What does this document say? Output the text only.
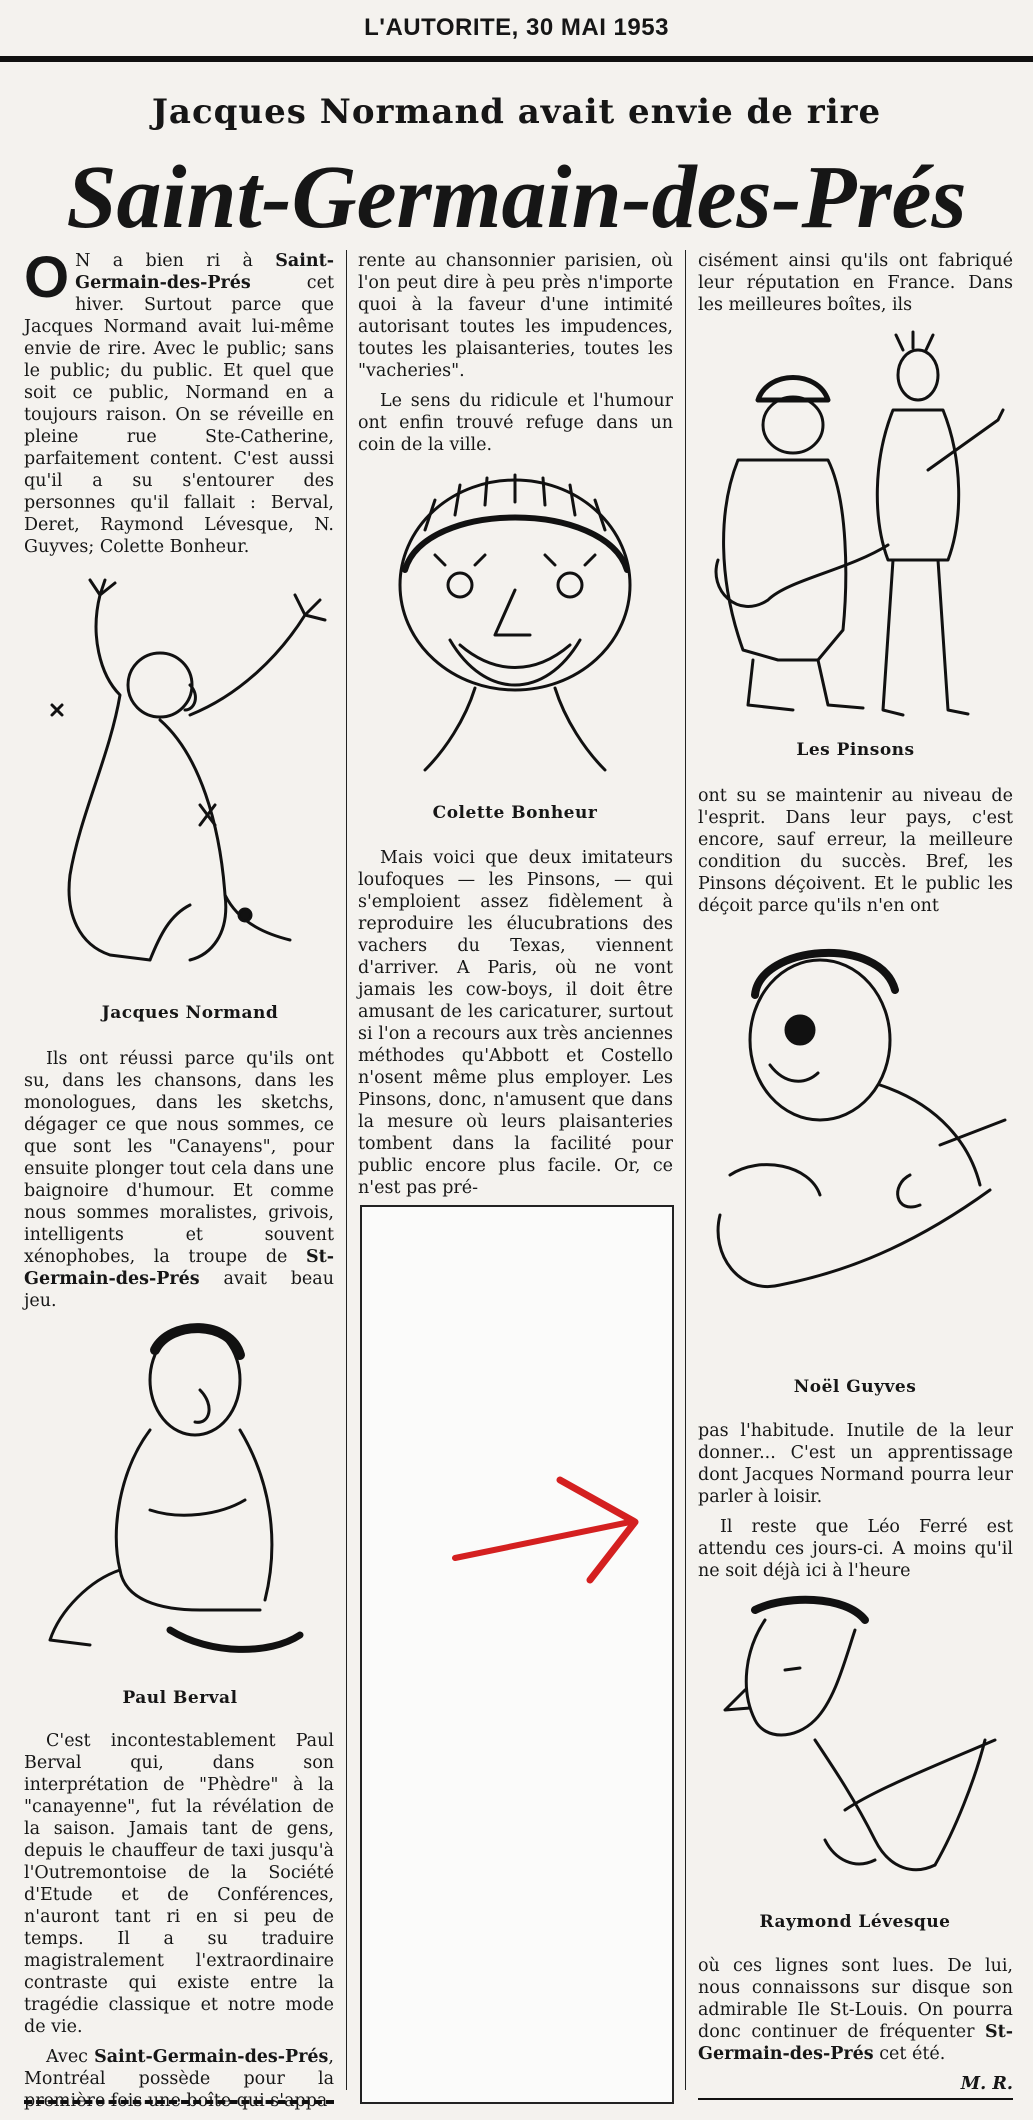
L'AUTORITE, 30 MAI 1953
Jacques Normand avait envie de rire
Saint-Germain-des-Prés

O N a bien ri à Saint-Germain-des-Prés cet hiver. Surtout parce que Jacques Normand avait lui-même envie de rire. Avec le public; sans le public; du public. Et quel que soit ce public, Normand en a toujours raison. On se réveille en pleine rue Ste-Catherine, parfaitement content. C'est aussi qu'il a su s'entourer des personnes qu'il fallait : Berval, Deret, Raymond Lévesque, N. Guyves; Colette Bonheur.

Jacques Normand

Ils ont réussi parce qu'ils ont su, dans les chansons, dans les monologues, dans les sketchs, dégager ce que nous sommes, ce que sont les "Canayens", pour ensuite plonger tout cela dans une baignoire d'humour. Et comme nous sommes moralistes, grivois, intelligents et souvent xénophobes, la troupe de St-Germain-des-Prés avait beau jeu.

Paul Berval

C'est incontestablement Paul Berval qui, dans son interprétation de "Phèdre" à la "canayenne", fut la révélation de la saison. Jamais tant de gens, depuis le chauffeur de taxi jusqu'à l'Outremontoise de la Société d'Etude et de Conférences, n'auront tant ri en si peu de temps. Il a su traduire magistralement l'extraordinaire contraste qui existe entre la tragédie classique et notre mode de vie.

Avec Saint-Germain-des-Prés, Montréal possède pour la première fois une boîte qui s'appa-

rente au chansonnier parisien, où l'on peut dire à peu près n'importe quoi à la faveur d'une intimité autorisant toutes les impudences, toutes les plaisanteries, toutes les "vacheries".

Le sens du ridicule et l'humour ont enfin trouvé refuge dans un coin de la ville.

Colette Bonheur

Mais voici que deux imitateurs loufoques — les Pinsons, — qui s'emploient assez fidèlement à reproduire les élucubrations des vachers du Texas, viennent d'arriver. A Paris, où ne vont jamais les cow-boys, il doit être amusant de les caricaturer, surtout si l'on a recours aux très anciennes méthodes qu'Abbott et Costello n'osent même plus employer. Les Pinsons, donc, n'amusent que dans la mesure où leurs plaisanteries tombent dans la facilité pour public encore plus facile. Or, ce n'est pas pré-

cisément ainsi qu'ils ont fabriqué leur réputation en France. Dans les meilleures boîtes, ils

Les Pinsons

ont su se maintenir au niveau de l'esprit. Dans leur pays, c'est encore, sauf erreur, la meilleure condition du succès. Bref, les Pinsons déçoivent. Et le public les déçoit parce qu'ils n'en ont

Noël Guyves

pas l'habitude. Inutile de la leur donner... C'est un apprentissage dont Jacques Normand pourra leur parler à loisir.

Il reste que Léo Ferré est attendu ces jours-ci. A moins qu'il ne soit déjà ici à l'heure

Raymond Lévesque

où ces lignes sont lues. De lui, nous connaissons sur disque son admirable Ile St-Louis. On pourra donc continuer de fréquenter St-Germain-des-Prés cet été.

M. R.
